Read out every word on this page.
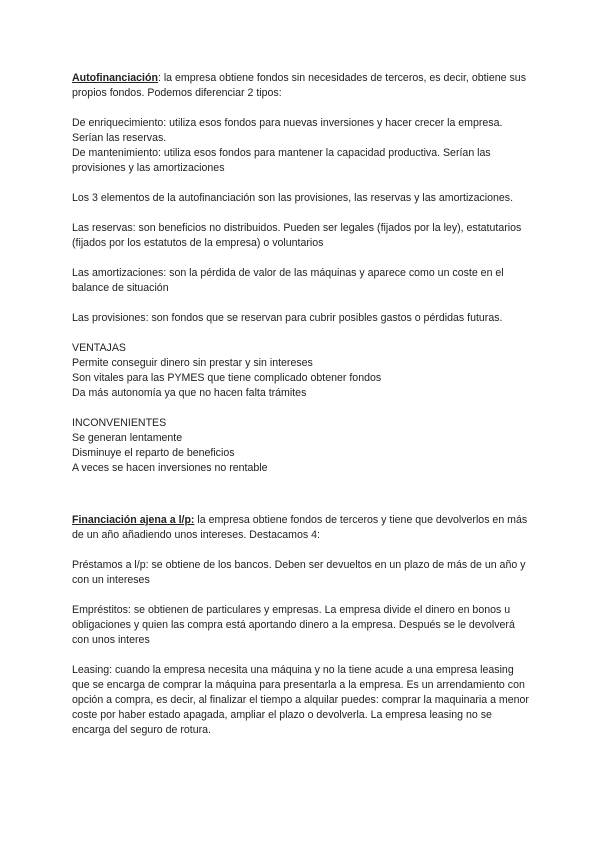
Autofinanciación: la empresa obtiene fondos sin necesidades de terceros, es decir, obtiene sus propios fondos. Podemos diferenciar 2 tipos:

De enriquecimiento: utiliza esos fondos para nuevas inversiones y hacer crecer la empresa. Serían las reservas.

De mantenimiento: utiliza esos fondos para mantener la capacidad productiva. Serían las provisiones y las amortizaciones

Los 3 elementos de la autofinanciación son las provisiones, las reservas y las amortizaciones.

Las reservas: son beneficios no distribuidos. Pueden ser legales (fijados por la ley), estatutarios (fijados por los estatutos de la empresa) o voluntarios

Las amortizaciones: son la pérdida de valor de las máquinas y aparece como un coste en el balance de situación

Las provisiones: son fondos que se reservan para cubrir posibles gastos o pérdidas futuras.

VENTAJAS

Permite conseguir dinero sin prestar y sin intereses

Son vitales para las PYMES que tiene complicado obtener fondos

Da más autonomía ya que no hacen falta trámites

INCONVENIENTES

Se generan lentamente

Disminuye el reparto de beneficios

A veces se hacen inversiones no rentable

Financiación ajena a l/p: la empresa obtiene fondos de terceros y tiene que devolverlos en más de un año añadiendo unos intereses. Destacamos 4:

Préstamos a l/p: se obtiene de los bancos. Deben ser devueltos en un plazo de más de un año y con un intereses

Empréstitos: se obtienen de particulares y empresas. La empresa divide el dinero en bonos u obligaciones y quien las compra está aportando dinero a la empresa. Después se le devolverá con unos interes

Leasing: cuando la empresa necesita una máquina y no la tiene acude a una empresa leasing que se encarga de comprar la máquina para presentarla a la empresa. Es un arrendamiento con opción a compra, es decir, al finalizar el tiempo a alquilar puedes: comprar la maquinaria a menor coste por haber estado apagada, ampliar el plazo o devolverla. La empresa leasing no se encarga del seguro de rotura.
